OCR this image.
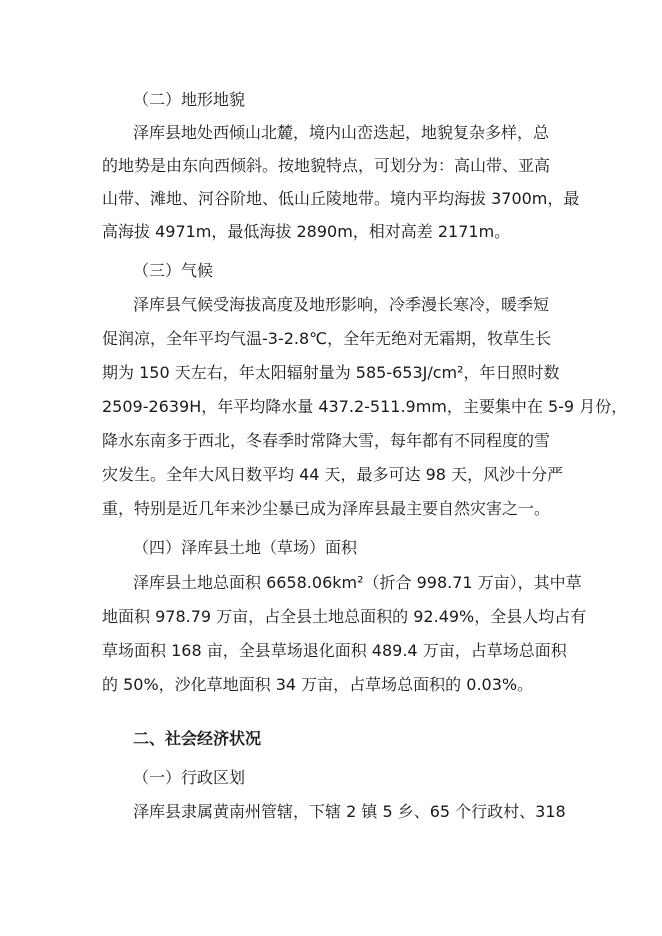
（二）地形地貌
泽库县地处西倾山北麓，境内山峦迭起，地貌复杂多样，总
的地势是由东向西倾斜。按地貌特点，可划分为：高山带、亚高
山带、滩地、河谷阶地、低山丘陵地带。境内平均海拔 3700m，最
高海拔 4971m，最低海拔 2890m，相对高差 2171m。
（三）气候
泽库县气候受海拔高度及地形影响，冷季漫长寒冷，暖季短
促润凉，全年平均气温-3-2.8℃，全年无绝对无霜期，牧草生长
期为 150 天左右，年太阳辐射量为 585-653J/cm²，年日照时数
2509-2639H，年平均降水量 437.2-511.9mm，主要集中在 5-9 月份，
降水东南多于西北，冬春季时常降大雪，每年都有不同程度的雪
灾发生。全年大风日数平均 44 天，最多可达 98 天，风沙十分严
重，特别是近几年来沙尘暴已成为泽库县最主要自然灾害之一。
（四）泽库县土地（草场）面积
泽库县土地总面积 6658.06km²（折合 998.71 万亩），其中草
地面积 978.79 万亩，占全县土地总面积的 92.49%，全县人均占有
草场面积 168 亩，全县草场退化面积 489.4 万亩，占草场总面积
的 50%，沙化草地面积 34 万亩，占草场总面积的 0.03%。
二、社会经济状况
（一）行政区划
泽库县隶属黄南州管辖，下辖 2 镇 5 乡、65 个行政村、318
